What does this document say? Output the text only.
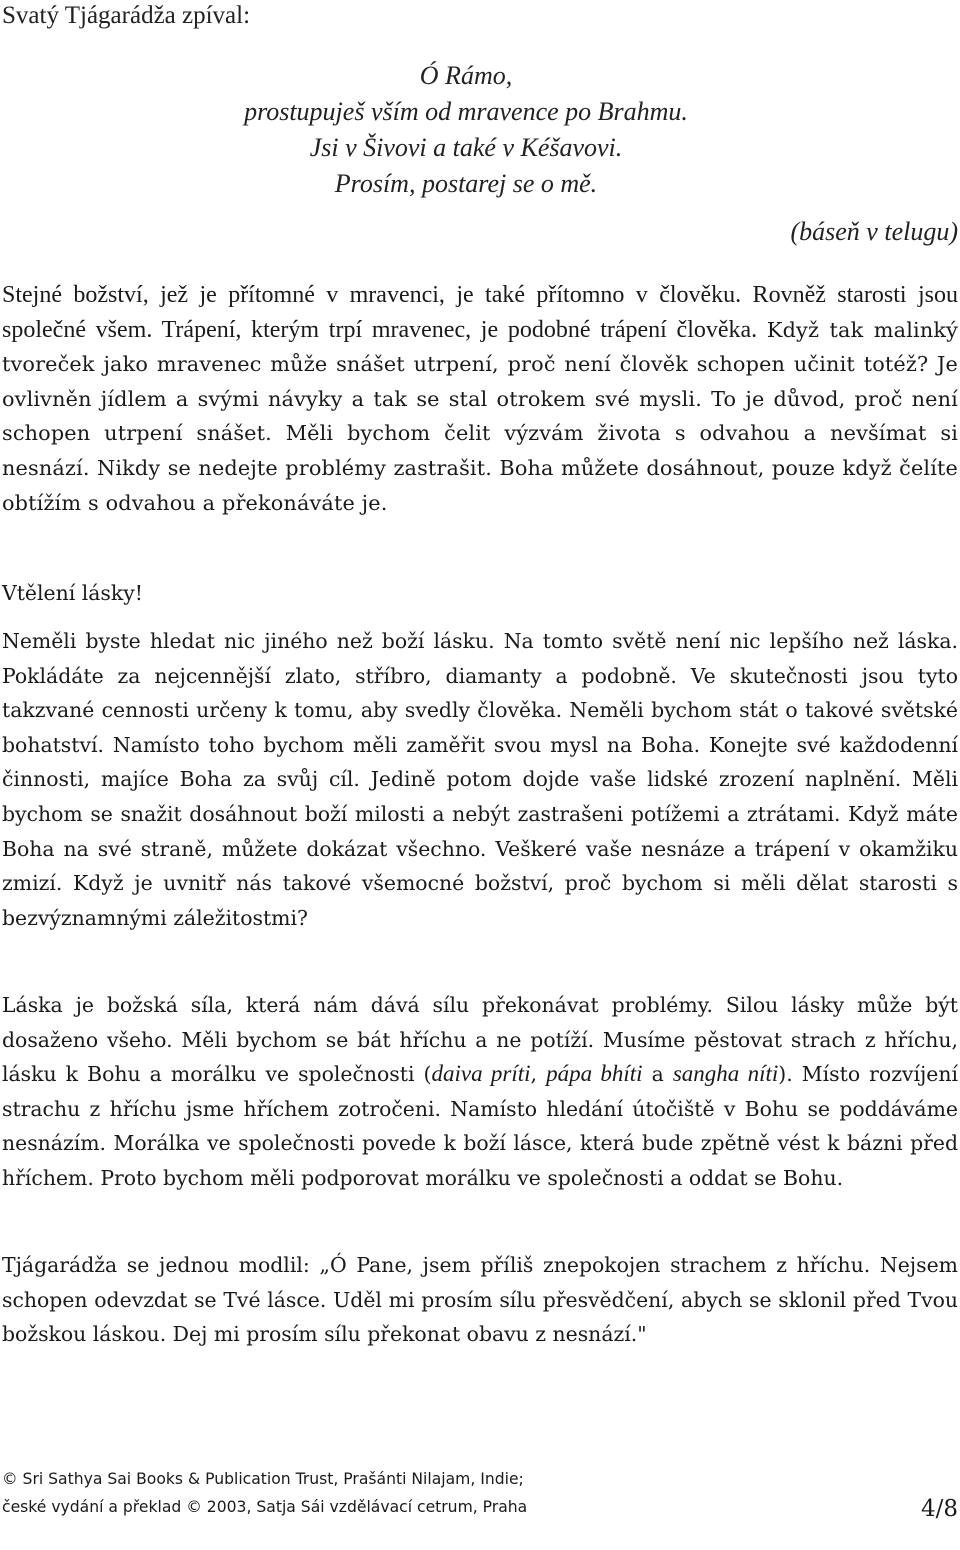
Svatý Tjágarádža zpíval:

Ó Rámo,
prostupuješ vším od mravence po Brahmu.
Jsi v Šivovi a také v Kéšavovi.
Prosím, postarej se o mě.

(báseň v telugu)

Stejné božství, jež je přítomné v mravenci, je také přítomno v člověku. Rovněž starosti jsou společné všem. Trápení, kterým trpí mravenec, je podobné trápení člověka. Když tak malinký tvoreček jako mravenec může snášet utrpení, proč není člověk schopen učinit totéž? Je ovlivněn jídlem a svými návyky a tak se stal otrokem své mysli. To je důvod, proč není schopen utrpení snášet. Měli bychom čelit výzvám života s odvahou a nevšímat si nesnází. Nikdy se nedejte problémy zastrašit. Boha můžete dosáhnout, pouze když čelíte obtížím s odvahou a překonáváte je.

Vtělení lásky!

Neměli byste hledat nic jiného než boží lásku. Na tomto světě není nic lepšího než láska. Pokládáte za nejcennější zlato, stříbro, diamanty a podobně. Ve skutečnosti jsou tyto takzvané cennosti určeny k tomu, aby svedly člověka. Neměli bychom stát o takové světské bohatství. Namísto toho bychom měli zaměřit svou mysl na Boha. Konejte své každodenní činnosti, majíce Boha za svůj cíl. Jedině potom dojde vaše lidské zrození naplnění. Měli bychom se snažit dosáhnout boží milosti a nebýt zastrašeni potížemi a ztrátami. Když máte Boha na své straně, můžete dokázat všechno. Veškeré vaše nesnáze a trápení v okamžiku zmizí. Když je uvnitř nás takové všemocné božství, proč bychom si měli dělat starosti s bezvýznamnými záležitostmi?

Láska je božská síla, která nám dává sílu překonávat problémy. Silou lásky může být dosaženo všeho. Měli bychom se bát hříchu a ne potíží. Musíme pěstovat strach z hříchu, lásku k Bohu a morálku ve společnosti (daiva príti, pápa bhíti a sangha níti). Místo rozvíjení strachu z hříchu jsme hříchem zotročeni. Namísto hledání útočiště v Bohu se poddáváme nesnázím. Morálka ve společnosti povede k boží lásce, která bude zpětně vést k bázni před hříchem. Proto bychom měli podporovat morálku ve společnosti a oddat se Bohu.

Tjágarádža se jednou modlil: „Ó Pane, jsem příliš znepokojen strachem z hříchu. Nejsem schopen odevzdat se Tvé lásce. Uděl mi prosím sílu přesvědčení, abych se sklonil před Tvou božskou láskou. Dej mi prosím sílu překonat obavu z nesnází."

© Sri Sathya Sai Books & Publication Trust, Prašánti Nilajam, Indie;
české vydání a překlad © 2003, Satja Sái vzdělávací cetrum, Praha	4/8
